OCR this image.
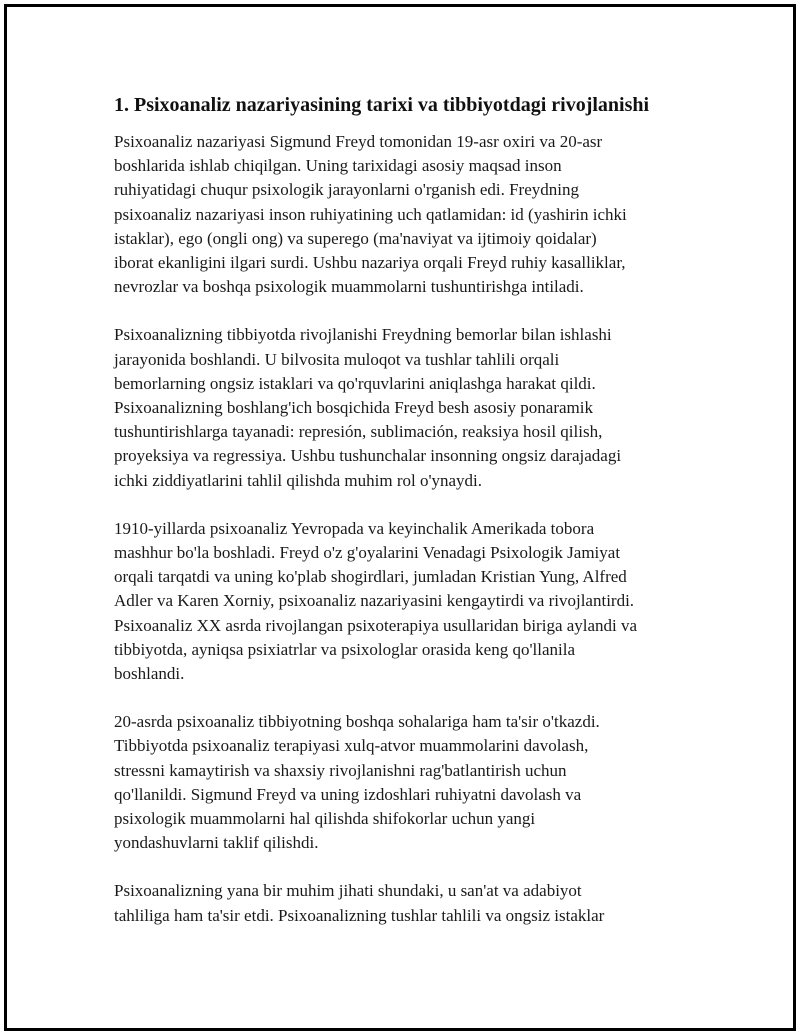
1. Psixoanaliz nazariyasining tarixi va tibbiyotdagi rivojlanishi

Psixoanaliz nazariyasi Sigmund Freyd tomonidan 19-asr oxiri va 20-asr
boshlarida ishlab chiqilgan. Uning tarixidagi asosiy maqsad inson
ruhiyatidagi chuqur psixologik jarayonlarni o'rganish edi. Freydning
psixoanaliz nazariyasi inson ruhiyatining uch qatlamidan: id (yashirin ichki
istaklar), ego (ongli ong) va superego (ma'naviyat va ijtimoiy qoidalar)
iborat ekanligini ilgari surdi. Ushbu nazariya orqali Freyd ruhiy kasalliklar,
nevrozlar va boshqa psixologik muammolarni tushuntirishga intiladi.

Psixoanalizning tibbiyotda rivojlanishi Freydning bemorlar bilan ishlashi
jarayonida boshlandi. U bilvosita muloqot va tushlar tahlili orqali
bemorlarning ongsiz istaklari va qo'rquvlarini aniqlashga harakat qildi.
Psixoanalizning boshlang'ich bosqichida Freyd besh asosiy ponaramik
tushuntirishlarga tayanadi: represión, sublimación, reaksiya hosil qilish,
proyeksiya va regressiya. Ushbu tushunchalar insonning ongsiz darajadagi
ichki ziddiyatlarini tahlil qilishda muhim rol o'ynaydi.

1910-yillarda psixoanaliz Yevropada va keyinchalik Amerikada tobora
mashhur bo'la boshladi. Freyd o'z g'oyalarini Venadagi Psixologik Jamiyat
orqali tarqatdi va uning ko'plab shogirdlari, jumladan Kristian Yung, Alfred
Adler va Karen Xorniy, psixoanaliz nazariyasini kengaytirdi va rivojlantirdi.
Psixoanaliz XX asrda rivojlangan psixoterapiya usullaridan biriga aylandi va
tibbiyotda, ayniqsa psixiatrlar va psixologlar orasida keng qo'llanila
boshlandi.

20-asrda psixoanaliz tibbiyotning boshqa sohalariga ham ta'sir o'tkazdi.
Tibbiyotda psixoanaliz terapiyasi xulq-atvor muammolarini davolash,
stressni kamaytirish va shaxsiy rivojlanishni rag'batlantirish uchun
qo'llanildi. Sigmund Freyd va uning izdoshlari ruhiyatni davolash va
psixologik muammolarni hal qilishda shifokorlar uchun yangi
yondashuvlarni taklif qilishdi.

Psixoanalizning yana bir muhim jihati shundaki, u san'at va adabiyot
tahliliga ham ta'sir etdi. Psixoanalizning tushlar tahlili va ongsiz istaklar
